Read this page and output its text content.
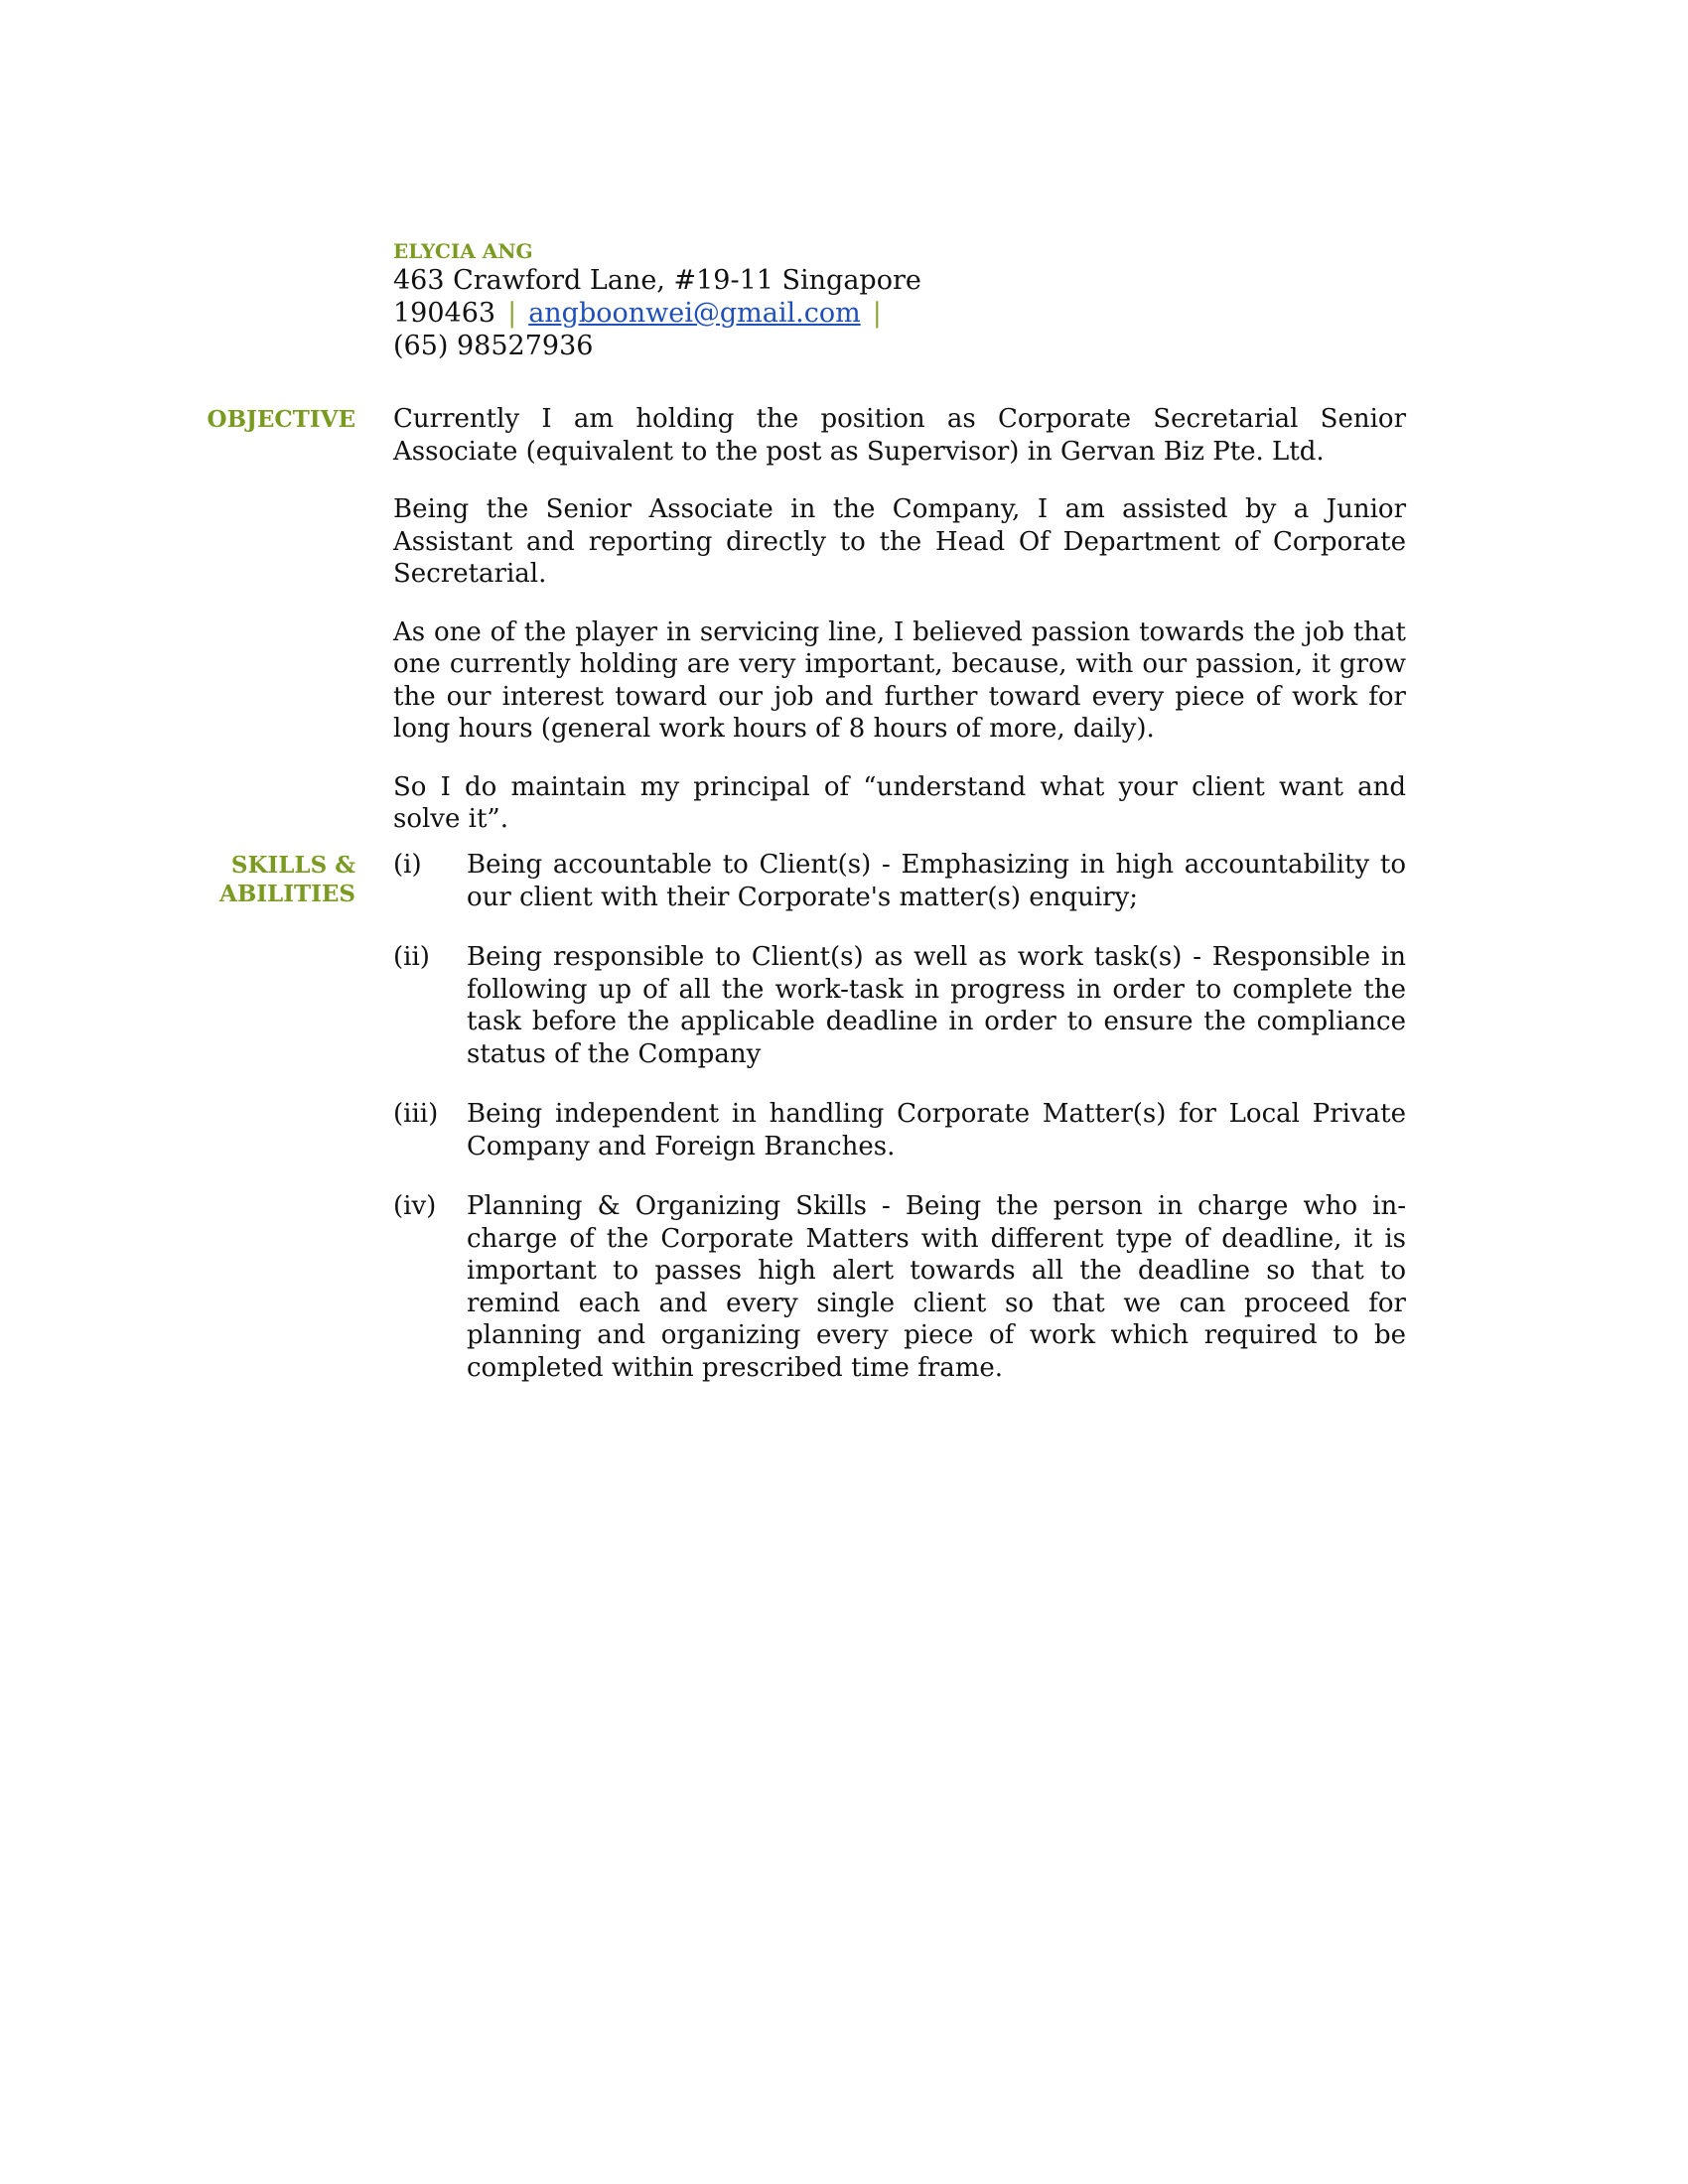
ELYCIA ANG
463 Crawford Lane, #19-11 Singapore 190463 | angboonwei@gmail.com |
(65) 98527936
OBJECTIVE Currently I am holding the position as Corporate Secretarial Senior Associate (equivalent to the post as Supervisor) in Gervan Biz Pte. Ltd.

Being the Senior Associate in the Company, I am assisted by a Junior Assistant and reporting directly to the Head Of Department of Corporate Secretarial.

As one of the player in servicing line, I believed passion towards the job that one currently holding are very important, because, with our passion, it grow the our interest toward our job and further toward every piece of work for long hours (general work hours of 8 hours of more, daily).

So I do maintain my principal of “understand what your client want and solve it”.

SKILLS &
ABILITIES
(i)	Being accountable to Client(s) - Emphasizing in high accountability to our client with their Corporate's matter(s) enquiry;
(ii)	Being responsible to Client(s) as well as work task(s) - Responsible in following up of all the work-task in progress in order to complete the task before the applicable deadline in order to ensure the compliance status of the Company
(iii)	Being independent in handling Corporate Matter(s) for Local Private Company and Foreign Branches.
(iv)	Planning & Organizing Skills - Being the person in charge who in-charge of the Corporate Matters with different type of deadline, it is important to passes high alert towards all the deadline so that to remind each and every single client so that we can proceed for planning and organizing every piece of work which required to be completed within prescribed time frame.
